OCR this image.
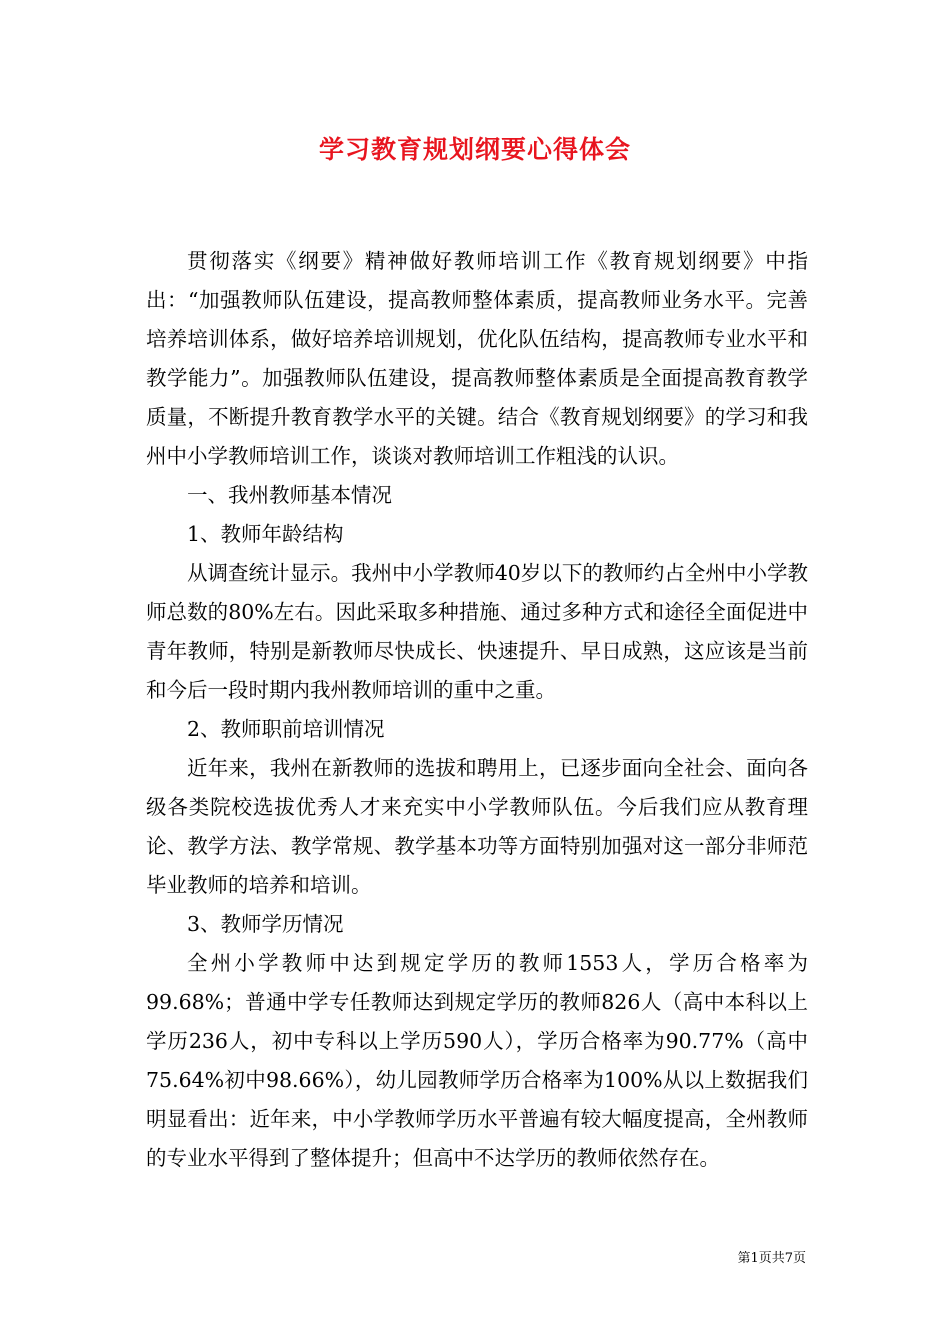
学习教育规划纲要心得体会

贯彻落实《纲要》精神做好教师培训工作《教育规划纲要》中指出：“加强教师队伍建设，提高教师整体素质，提高教师业务水平。完善培养培训体系，做好培养培训规划，优化队伍结构，提高教师专业水平和教学能力”。加强教师队伍建设，提高教师整体素质是全面提高教育教学质量，不断提升教育教学水平的关键。结合《教育规划纲要》的学习和我州中小学教师培训工作，谈谈对教师培训工作粗浅的认识。

一、我州教师基本情况

1、教师年龄结构

从调查统计显示。我州中小学教师40岁以下的教师约占全州中小学教师总数的80%左右。因此采取多种措施、通过多种方式和途径全面促进中青年教师，特别是新教师尽快成长、快速提升、早日成熟，这应该是当前和今后一段时期内我州教师培训的重中之重。

2、教师职前培训情况

近年来，我州在新教师的选拔和聘用上，已逐步面向全社会、面向各级各类院校选拔优秀人才来充实中小学教师队伍。今后我们应从教育理论、教学方法、教学常规、教学基本功等方面特别加强对这一部分非师范毕业教师的培养和培训。

3、教师学历情况

全州小学教师中达到规定学历的教师1553人，学历合格率为99.68%；普通中学专任教师达到规定学历的教师826人（高中本科以上学历236人，初中专科以上学历590人），学历合格率为90.77%（高中75.64%初中98.66%），幼儿园教师学历合格率为100%从以上数据我们明显看出：近年来，中小学教师学历水平普遍有较大幅度提高，全州教师的专业水平得到了整体提升；但高中不达学历的教师依然存在。

第1页共7页
